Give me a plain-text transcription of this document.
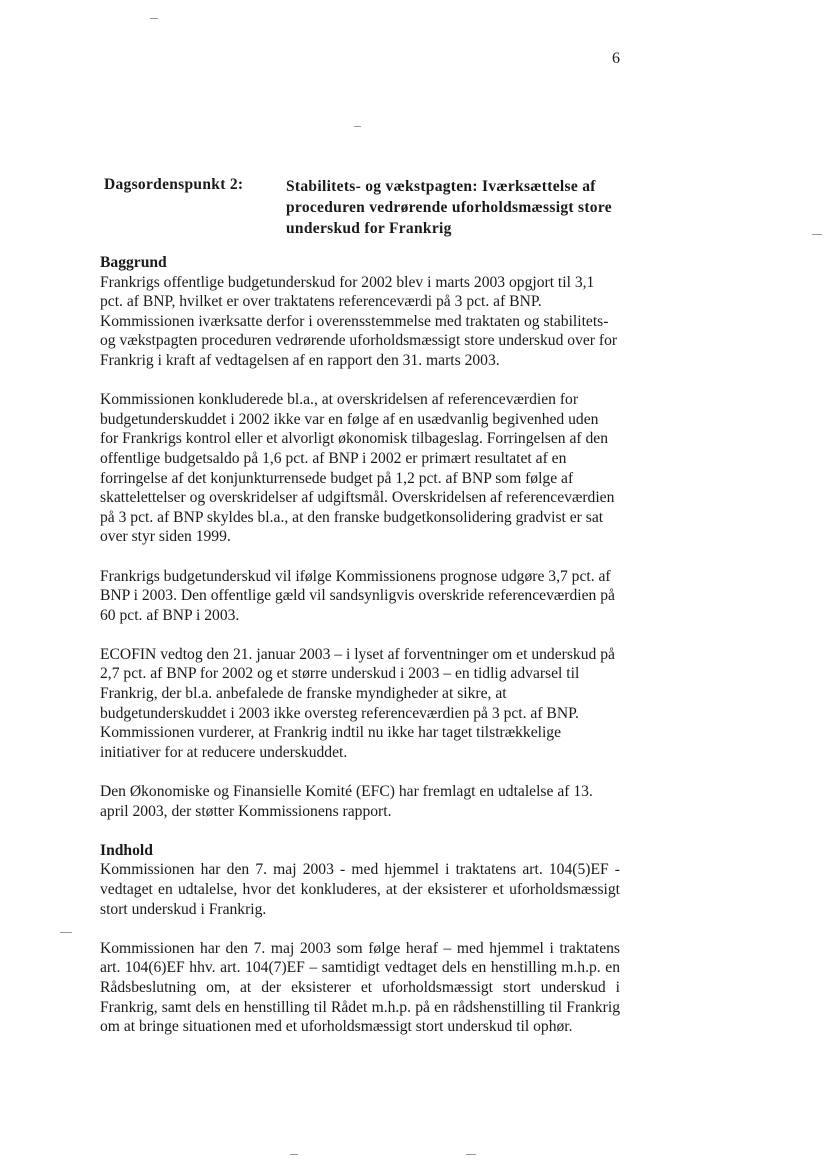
6
Dagsordenspunkt 2:	Stabilitets- og vækstpagten: Iværksættelse af proceduren vedrørende uforholdsmæssigt store underskud for Frankrig

Baggrund

Frankrigs offentlige budgetunderskud for 2002 blev i marts 2003 opgjort til 3,1 pct. af BNP, hvilket er over traktatens referenceværdi på 3 pct. af BNP. Kommissionen iværksatte derfor i overensstemmelse med traktaten og stabilitets- og vækstpagten proceduren vedrørende uforholdsmæssigt store underskud over for Frankrig i kraft af vedtagelsen af en rapport den 31. marts 2003.

Kommissionen konkluderede bl.a., at overskridelsen af referenceværdien for budgetunderskuddet i 2002 ikke var en følge af en usædvanlig begivenhed uden for Frankrigs kontrol eller et alvorligt økonomisk tilbageslag. Forringelsen af den offentlige budgetsaldo på 1,6 pct. af BNP i 2002 er primært resultatet af en forringelse af det konjunkturrensede budget på 1,2 pct. af BNP som følge af skattelettelser og overskridelser af udgiftsmål. Overskridelsen af referenceværdien på 3 pct. af BNP skyldes bl.a., at den franske budgetkonsolidering gradvist er sat over styr siden 1999.

Frankrigs budgetunderskud vil ifølge Kommissionens prognose udgøre 3,7 pct. af BNP i 2003. Den offentlige gæld vil sandsynligvis overskride referenceværdien på 60 pct. af BNP i 2003.

ECOFIN vedtog den 21. januar 2003 – i lyset af forventninger om et underskud på 2,7 pct. af BNP for 2002 og et større underskud i 2003 – en tidlig advarsel til Frankrig, der bl.a. anbefalede de franske myndigheder at sikre, at budgetunderskuddet i 2003 ikke oversteg referenceværdien på 3 pct. af BNP. Kommissionen vurderer, at Frankrig indtil nu ikke har taget tilstrækkelige initiativer for at reducere underskuddet.

Den Økonomiske og Finansielle Komité (EFC) har fremlagt en udtalelse af 13. april 2003, der støtter Kommissionens rapport.

Indhold

Kommissionen har den 7. maj 2003 - med hjemmel i traktatens art. 104(5)EF - vedtaget en udtalelse, hvor det konkluderes, at der eksisterer et uforholdsmæssigt stort underskud i Frankrig.

Kommissionen har den 7. maj 2003 som følge heraf – med hjemmel i traktatens art. 104(6)EF hhv. art. 104(7)EF – samtidigt vedtaget dels en henstilling m.h.p. en Rådsbeslutning om, at der eksisterer et uforholdsmæssigt stort underskud i Frankrig, samt dels en henstilling til Rådet m.h.p. på en rådshenstilling til Frankrig om at bringe situationen med et uforholdsmæssigt stort underskud til ophør.
